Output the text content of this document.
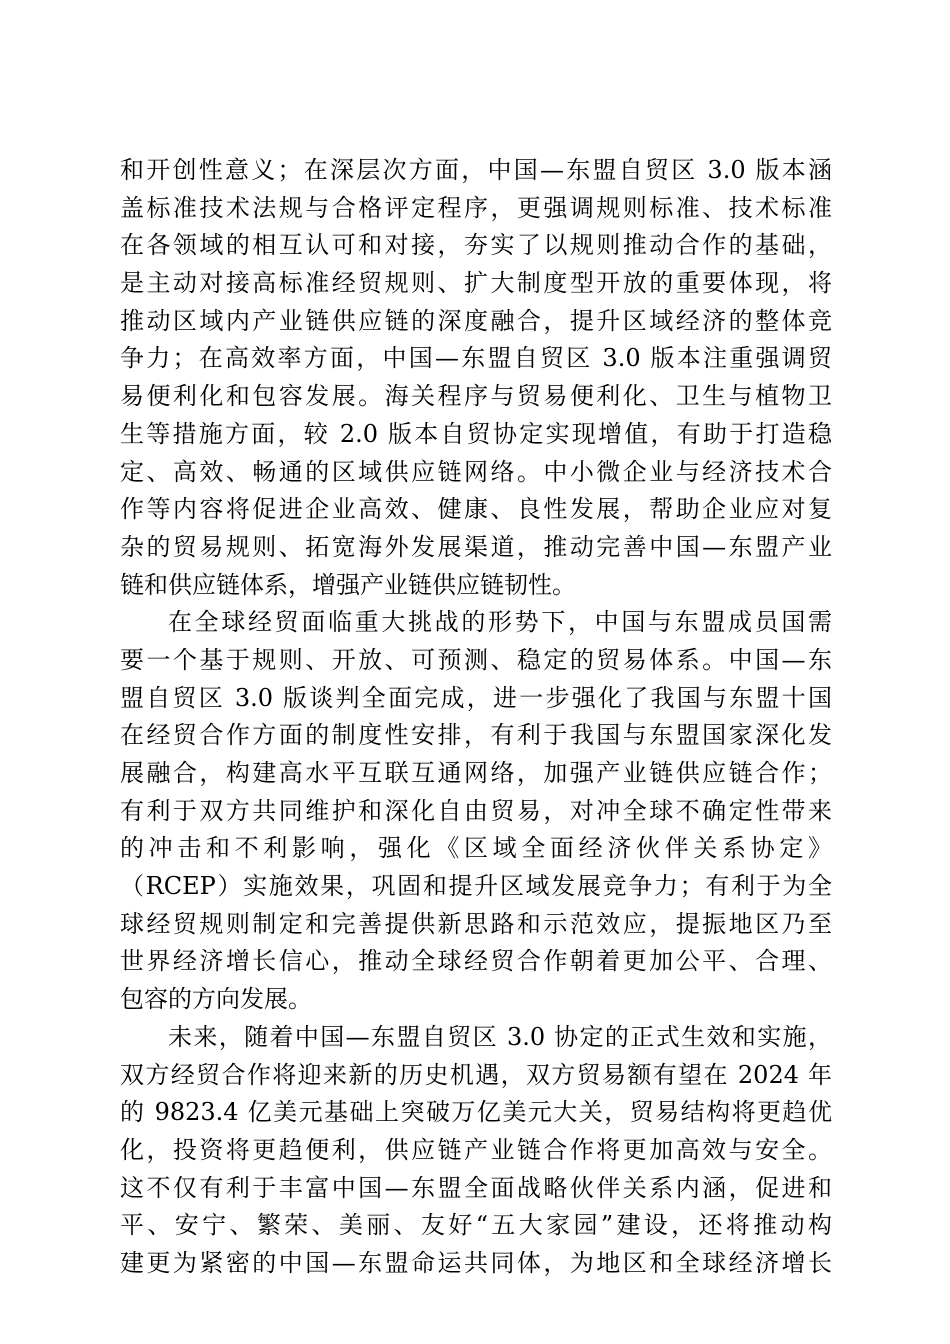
和开创性意义；在深层次方面，中国—东盟自贸区 3.0 版本涵
盖标准技术法规与合格评定程序，更强调规则标准、技术标准
在各领域的相互认可和对接，夯实了以规则推动合作的基础，
是主动对接高标准经贸规则、扩大制度型开放的重要体现，将
推动区域内产业链供应链的深度融合，提升区域经济的整体竞
争力；在高效率方面，中国—东盟自贸区 3.0 版本注重强调贸
易便利化和包容发展。海关程序与贸易便利化、卫生与植物卫
生等措施方面，较 2.0 版本自贸协定实现增值，有助于打造稳
定、高效、畅通的区域供应链网络。中小微企业与经济技术合
作等内容将促进企业高效、健康、良性发展，帮助企业应对复
杂的贸易规则、拓宽海外发展渠道，推动完善中国—东盟产业
链和供应链体系，增强产业链供应链韧性。
在全球经贸面临重大挑战的形势下，中国与东盟成员国需
要一个基于规则、开放、可预测、稳定的贸易体系。中国—东
盟自贸区 3.0 版谈判全面完成，进一步强化了我国与东盟十国
在经贸合作方面的制度性安排，有利于我国与东盟国家深化发
展融合，构建高水平互联互通网络，加强产业链供应链合作；
有利于双方共同维护和深化自由贸易，对冲全球不确定性带来
的冲击和不利影响，强化《区域全面经济伙伴关系协定》
（RCEP）实施效果，巩固和提升区域发展竞争力；有利于为全
球经贸规则制定和完善提供新思路和示范效应，提振地区乃至
世界经济增长信心，推动全球经贸合作朝着更加公平、合理、
包容的方向发展。
未来，随着中国—东盟自贸区 3.0 协定的正式生效和实施，
双方经贸合作将迎来新的历史机遇，双方贸易额有望在 2024 年
的 9823.4 亿美元基础上突破万亿美元大关，贸易结构将更趋优
化，投资将更趋便利，供应链产业链合作将更加高效与安全。
这不仅有利于丰富中国—东盟全面战略伙伴关系内涵，促进和
平、安宁、繁荣、美丽、友好“五大家园”建设，还将推动构
建更为紧密的中国—东盟命运共同体，为地区和全球经济增长
